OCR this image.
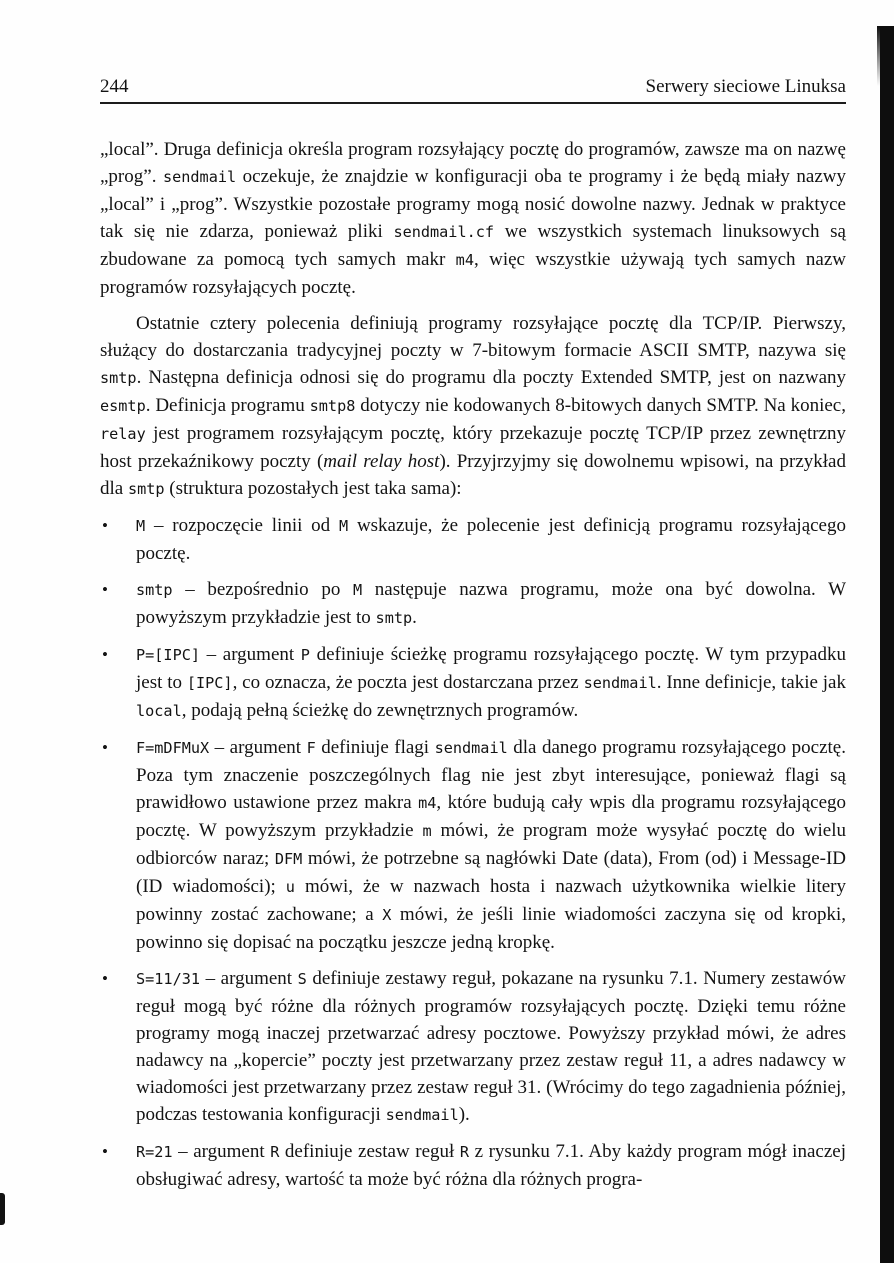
244	Serwery sieciowe Linuksa

„local”. Druga definicja określa program rozsyłający pocztę do programów, zawsze ma on nazwę „prog”. sendmail oczekuje, że znajdzie w konfiguracji oba te programy i że będą miały nazwy „local” i „prog”. Wszystkie pozostałe programy mogą nosić dowolne nazwy. Jednak w praktyce tak się nie zdarza, ponieważ pliki sendmail.cf we wszystkich systemach linuksowych są zbudowane za pomocą tych samych makr m4, więc wszystkie używają tych samych nazw programów rozsyłających pocztę.

Ostatnie cztery polecenia definiują programy rozsyłające pocztę dla TCP/IP. Pierwszy, służący do dostarczania tradycyjnej poczty w 7-bitowym formacie ASCII SMTP, nazywa się smtp. Następna definicja odnosi się do programu dla poczty Extended SMTP, jest on nazwany esmtp. Definicja programu smtp8 dotyczy nie kodowanych 8-bitowych danych SMTP. Na koniec, relay jest programem rozsyłającym pocztę, który przekazuje pocztę TCP/IP przez zewnętrzny host przekaźnikowy poczty (mail relay host). Przyjrzyjmy się dowolnemu wpisowi, na przykład dla smtp (struktura pozostałych jest taka sama):

• M – rozpoczęcie linii od M wskazuje, że polecenie jest definicją programu rozsyłającego pocztę.
• smtp – bezpośrednio po M następuje nazwa programu, może ona być dowolna. W powyższym przykładzie jest to smtp.
• P=[IPC] – argument P definiuje ścieżkę programu rozsyłającego pocztę. W tym przypadku jest to [IPC], co oznacza, że poczta jest dostarczana przez sendmail. Inne definicje, takie jak local, podają pełną ścieżkę do zewnętrznych programów.
• F=mDFMuX – argument F definiuje flagi sendmail dla danego programu rozsyłającego pocztę. Poza tym znaczenie poszczególnych flag nie jest zbyt interesujące, ponieważ flagi są prawidłowo ustawione przez makra m4, które budują cały wpis dla programu rozsyłającego pocztę. W powyższym przykładzie m mówi, że program może wysyłać pocztę do wielu odbiorców naraz; DFM mówi, że potrzebne są nagłówki Date (data), From (od) i Message-ID (ID wiadomości); u mówi, że w nazwach hosta i nazwach użytkownika wielkie litery powinny zostać zachowane; a X mówi, że jeśli linie wiadomości zaczyna się od kropki, powinno się dopisać na początku jeszcze jedną kropkę.
• S=11/31 – argument S definiuje zestawy reguł, pokazane na rysunku 7.1. Numery zestawów reguł mogą być różne dla różnych programów rozsyłających pocztę. Dzięki temu różne programy mogą inaczej przetwarzać adresy pocztowe. Powyższy przykład mówi, że adres nadawcy na „kopercie” poczty jest przetwarzany przez zestaw reguł 11, a adres nadawcy w wiadomości jest przetwarzany przez zestaw reguł 31. (Wrócimy do tego zagadnienia później, podczas testowania konfiguracji sendmail).
• R=21 – argument R definiuje zestaw reguł R z rysunku 7.1. Aby każdy program mógł inaczej obsługiwać adresy, wartość ta może być różna dla różnych progra-
